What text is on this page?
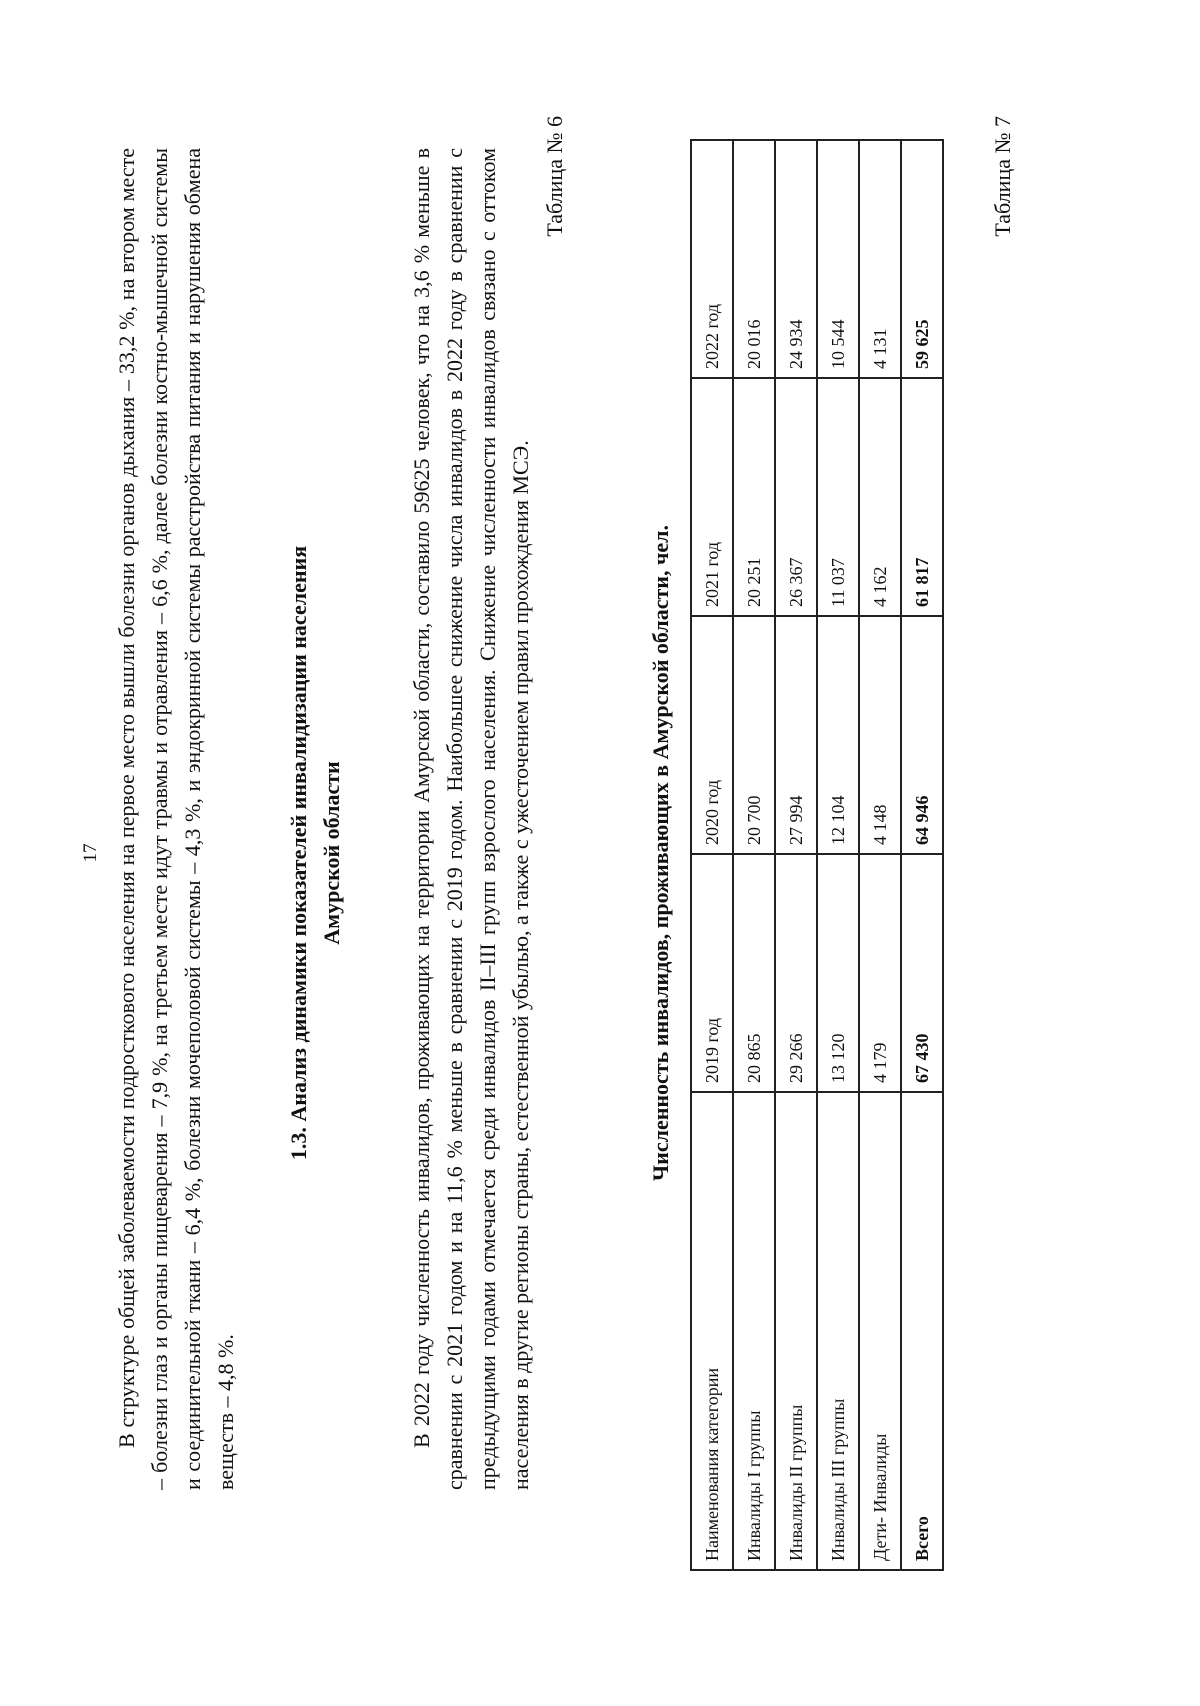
17 В структуре общей заболеваемости подросткового населения на первое место вышли болезни органов дыхания – 33,2 %, на втором месте – болезни глаз и органы пищеварения – 7,9 %, на третьем месте идут травмы и отравления – 6,6 %, далее болезни костно-мышечной системы и соединительной ткани – 6,4 %, болезни мочеполовой системы – 4,3 %, и эндокринной системы расстройства питания и нарушения обмена веществ – 4,8 %.

1.3. Анализ динамики показателей инвалидизации населения Амурской области	В 2022 году численность инвалидов, проживающих на территории Амурской области, составило 59625 человек, что на 3,6 % меньше в сравнении с 2021 годом и на 11,6 % меньше в сравнении с 2019 годом. Наибольшее снижение числа инвалидов в 2022 году в сравнении с предыдущими годами отмечается среди инвалидов II–III групп взрослого населения. Снижение численности инвалидов связано с оттоком населения в другие регионы страны, естественной убылью, а также с ужесточением правил прохождения МСЭ.

Таблица № 6
Численность инвалидов, проживающих в Амурской области, чел.
Наименования категории	2019 год	2020 год	2021 год	2022 год
Инвалиды I группы	20 865	20 700	20 251	20 016
Инвалиды II группы	29 266	27 994	26 367	24 934
Инвалиды III группы	13 120	12 104	11 037	10 544
Дети- Инвалиды	4 179	4 148	4 162	4 131
Всего	67 430	64 946	61 817	59 625
Таблица № 7
